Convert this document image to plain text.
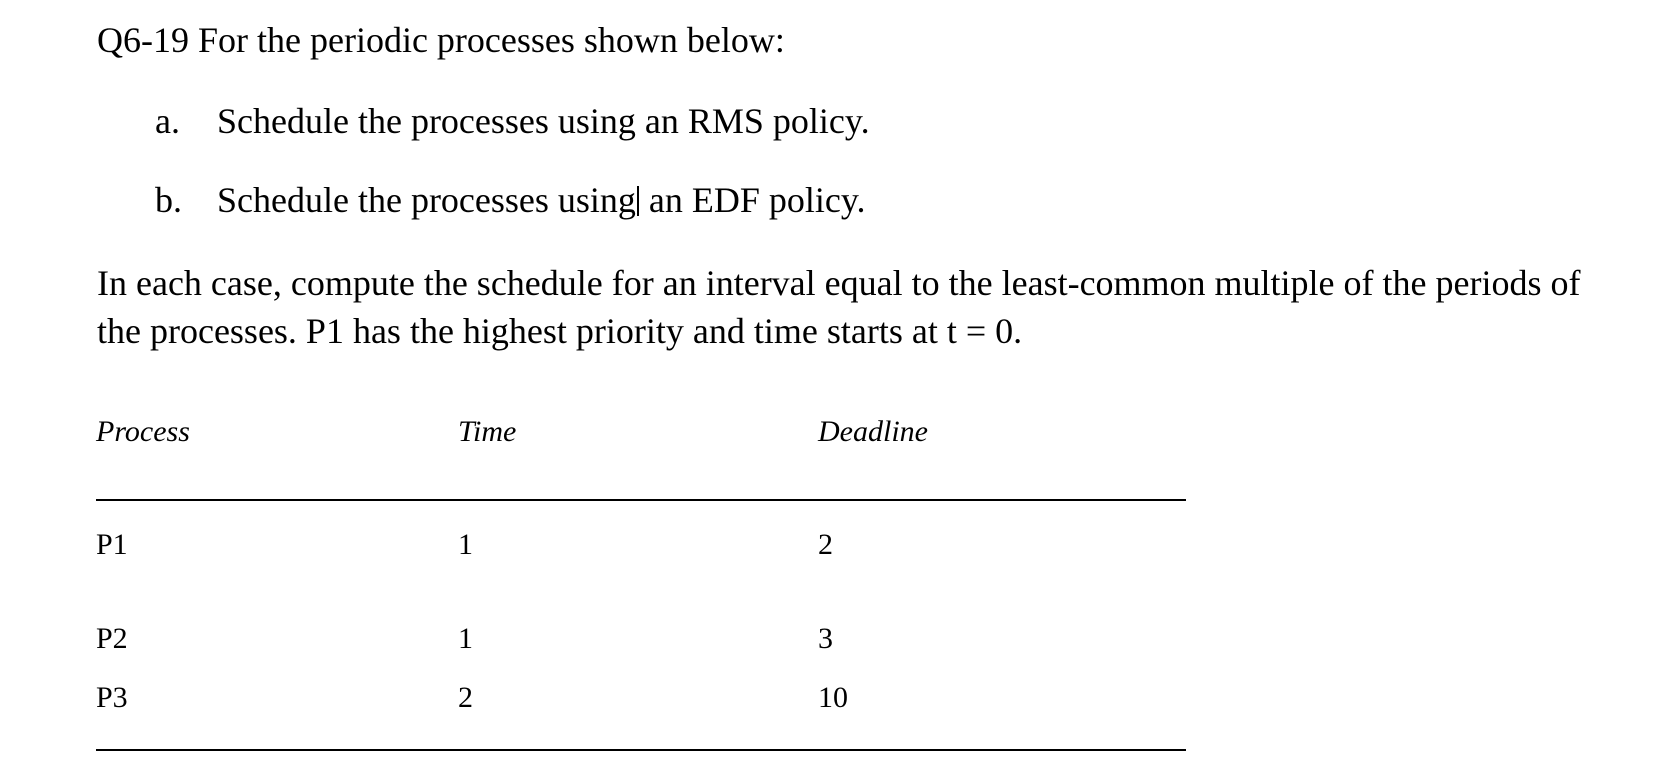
Q6-19 For the periodic processes shown below:
a. Schedule the processes using an RMS policy.
b. Schedule the processes using an EDF policy.

In each case, compute the schedule for an interval equal to the least-common multiple of the periods of

the processes. P1 has the highest priority and time starts at t = 0.

Process	Time	Deadline
P1	1	2
P2	1	3
P3	2	10
